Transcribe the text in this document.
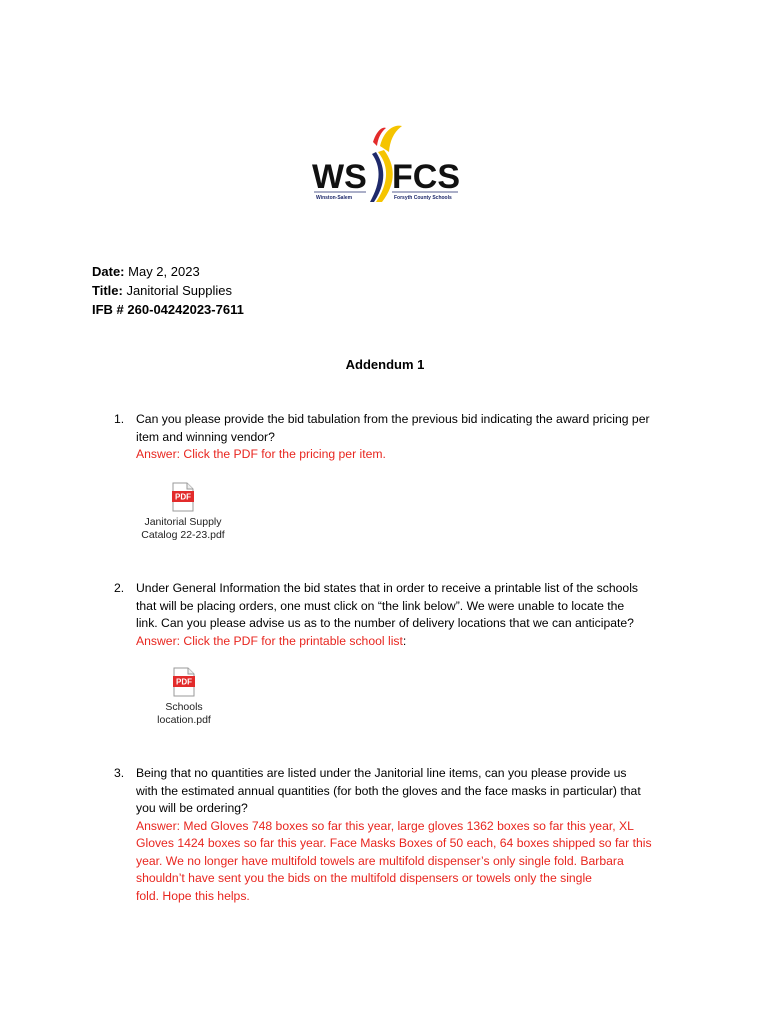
WS FCS
Winston-Salem	Forsyth County Schools
Date: May 2, 2023
Title: Janitorial Supplies
IFB # 260-04242023-7611
Addendum 1
1. Can you please provide the bid tabulation from the previous bid indicating the award pricing per
item and winning vendor?
Answer: Click the PDF for the pricing per item.
PDF
Janitorial Supply
Catalog 22-23.pdf
2. Under General Information the bid states that in order to receive a printable list of the schools
that will be placing orders, one must click on “the link below”. We were unable to locate the
link. Can you please advise us as to the number of delivery locations that we can anticipate?
Answer: Click the PDF for the printable school list:
PDF
Schools
location.pdf
3. Being that no quantities are listed under the Janitorial line items, can you please provide us
with the estimated annual quantities (for both the gloves and the face masks in particular) that
you will be ordering?
Answer: Med Gloves 748 boxes so far this year, large gloves 1362 boxes so far this year, XL
Gloves 1424 boxes so far this year. Face Masks Boxes of 50 each, 64 boxes shipped so far this
year. We no longer have multifold towels are multifold dispenser’s only single fold. Barbara
shouldn’t have sent you the bids on the multifold dispensers or towels only the single
fold. Hope this helps.
